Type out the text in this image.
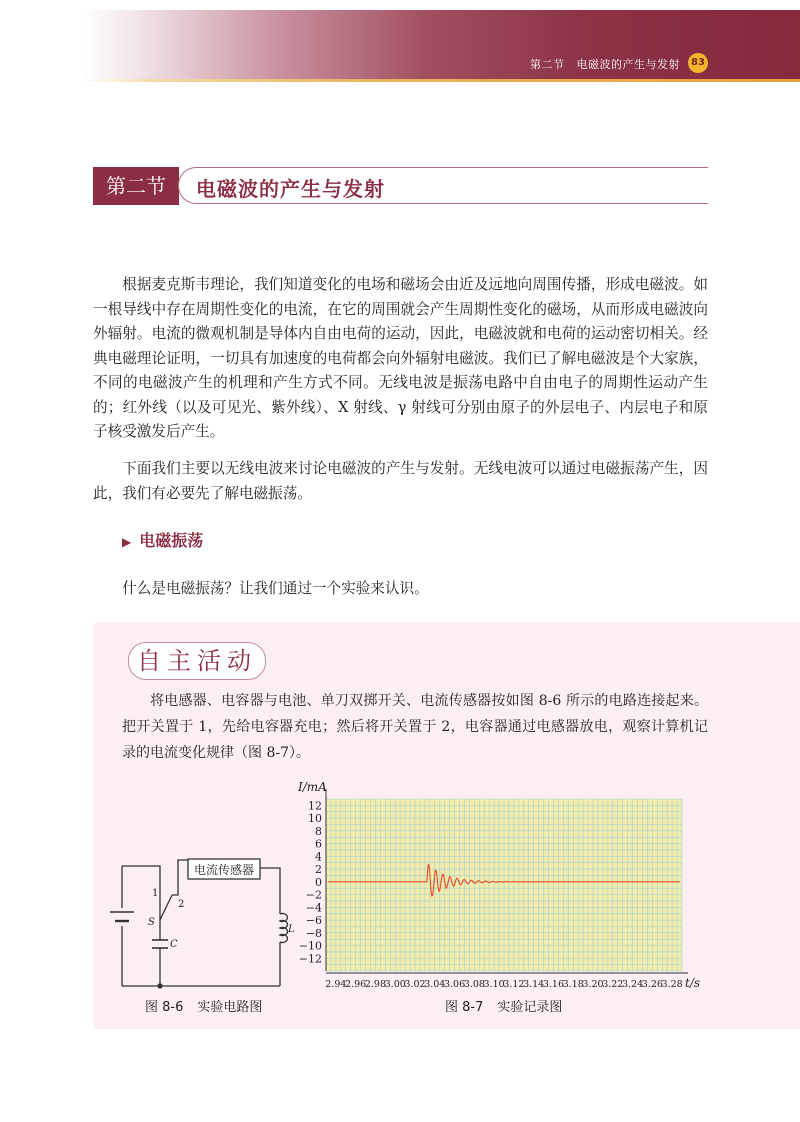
第二节 电磁波的产生与发射	83
第二节	电磁波的产生与发射
根据麦克斯韦理论，我们知道变化的电场和磁场会由近及远地向周围传播，形成电磁波。如一根导线中存在周期性变化的电流，在它的周围就会产生周期性变化的磁场，从而形成电磁波向外辐射。电流的微观机制是导体内自由电荷的运动，因此，电磁波就和电荷的运动密切相关。经典电磁理论证明，一切具有加速度的电荷都会向外辐射电磁波。我们已了解电磁波是个大家族，不同的电磁波产生的机理和产生方式不同。无线电波是振荡电路中自由电子的周期性运动产生的；红外线（以及可见光、紫外线）、X 射线、γ 射线可分别由原子的外层电子、内层电子和原子核受激发后产生。
下面我们主要以无线电波来讨论电磁波的产生与发射。无线电波可以通过电磁振荡产生，因此，我们有必要先了解电磁振荡。
▶ 电磁振荡
什么是电磁振荡？让我们通过一个实验来认识。
自主活动
将电感器、电容器与电池、单刀双掷开关、电流传感器按如图 8-6 所示的电路连接起来。把开关置于 1，先给电容器充电；然后将开关置于 2，电容器通过电感器放电，观察计算机记录的电流变化规律（图 8-7）。
电流传感器
1
2
S
C
L
图 8-6 实验电路图
12
10
8
6
4
2
0
−2
−4
−6
−8
−10
−12
2.94
2.96
2.98
3.00
3.02
3.04
3.06
3.08
3.10
3.12
3.14
3.16
3.18
3.20
3.22
3.24
3.26
3.28
I/mA
t/s
图 8-7 实验记录图
